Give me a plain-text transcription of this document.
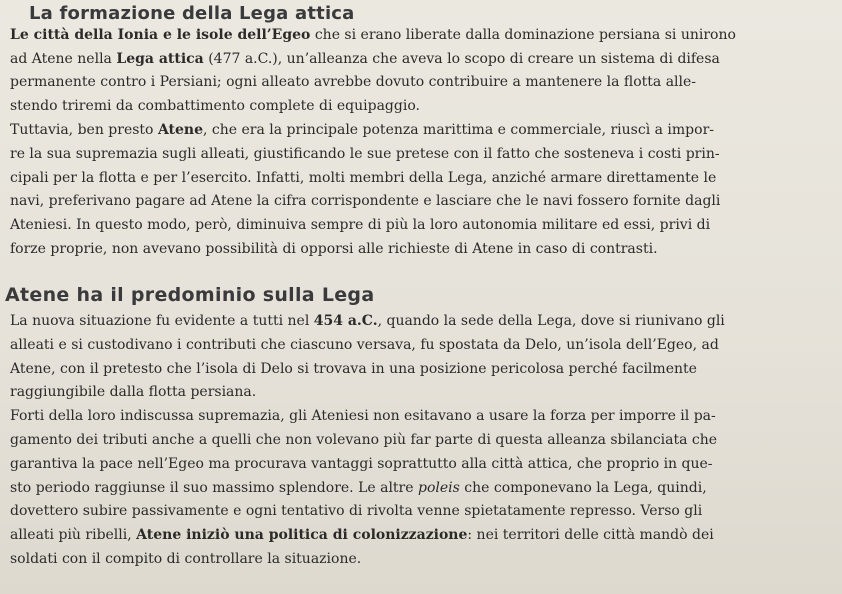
La formazione della Lega attica
Le città della Ionia e le isole dell’Egeo che si erano liberate dalla dominazione persiana si unirono
ad Atene nella Lega attica (477 a.C.), un’alleanza che aveva lo scopo di creare un sistema di difesa
permanente contro i Persiani; ogni alleato avrebbe dovuto contribuire a mantenere la flotta alle-
stendo triremi da combattimento complete di equipaggio.
Tuttavia, ben presto Atene, che era la principale potenza marittima e commerciale, riuscì a impor-
re la sua supremazia sugli alleati, giustificando le sue pretese con il fatto che sosteneva i costi prin-
cipali per la flotta e per l’esercito. Infatti, molti membri della Lega, anziché armare direttamente le
navi, preferivano pagare ad Atene la cifra corrispondente e lasciare che le navi fossero fornite dagli
Ateniesi. In questo modo, però, diminuiva sempre di più la loro autonomia militare ed essi, privi di
forze proprie, non avevano possibilità di opporsi alle richieste di Atene in caso di contrasti.
Atene ha il predominio sulla Lega
La nuova situazione fu evidente a tutti nel 454 a.C., quando la sede della Lega, dove si riunivano gli
alleati e si custodivano i contributi che ciascuno versava, fu spostata da Delo, un’isola dell’Egeo, ad
Atene, con il pretesto che l’isola di Delo si trovava in una posizione pericolosa perché facilmente
raggiungibile dalla flotta persiana.
Forti della loro indiscussa supremazia, gli Ateniesi non esitavano a usare la forza per imporre il pa-
gamento dei tributi anche a quelli che non volevano più far parte di questa alleanza sbilanciata che
garantiva la pace nell’Egeo ma procurava vantaggi soprattutto alla città attica, che proprio in que-
sto periodo raggiunse il suo massimo splendore. Le altre poleis che componevano la Lega, quindi,
dovettero subire passivamente e ogni tentativo di rivolta venne spietatamente represso. Verso gli
alleati più ribelli, Atene iniziò una politica di colonizzazione: nei territori delle città mandò dei
soldati con il compito di controllare la situazione.
